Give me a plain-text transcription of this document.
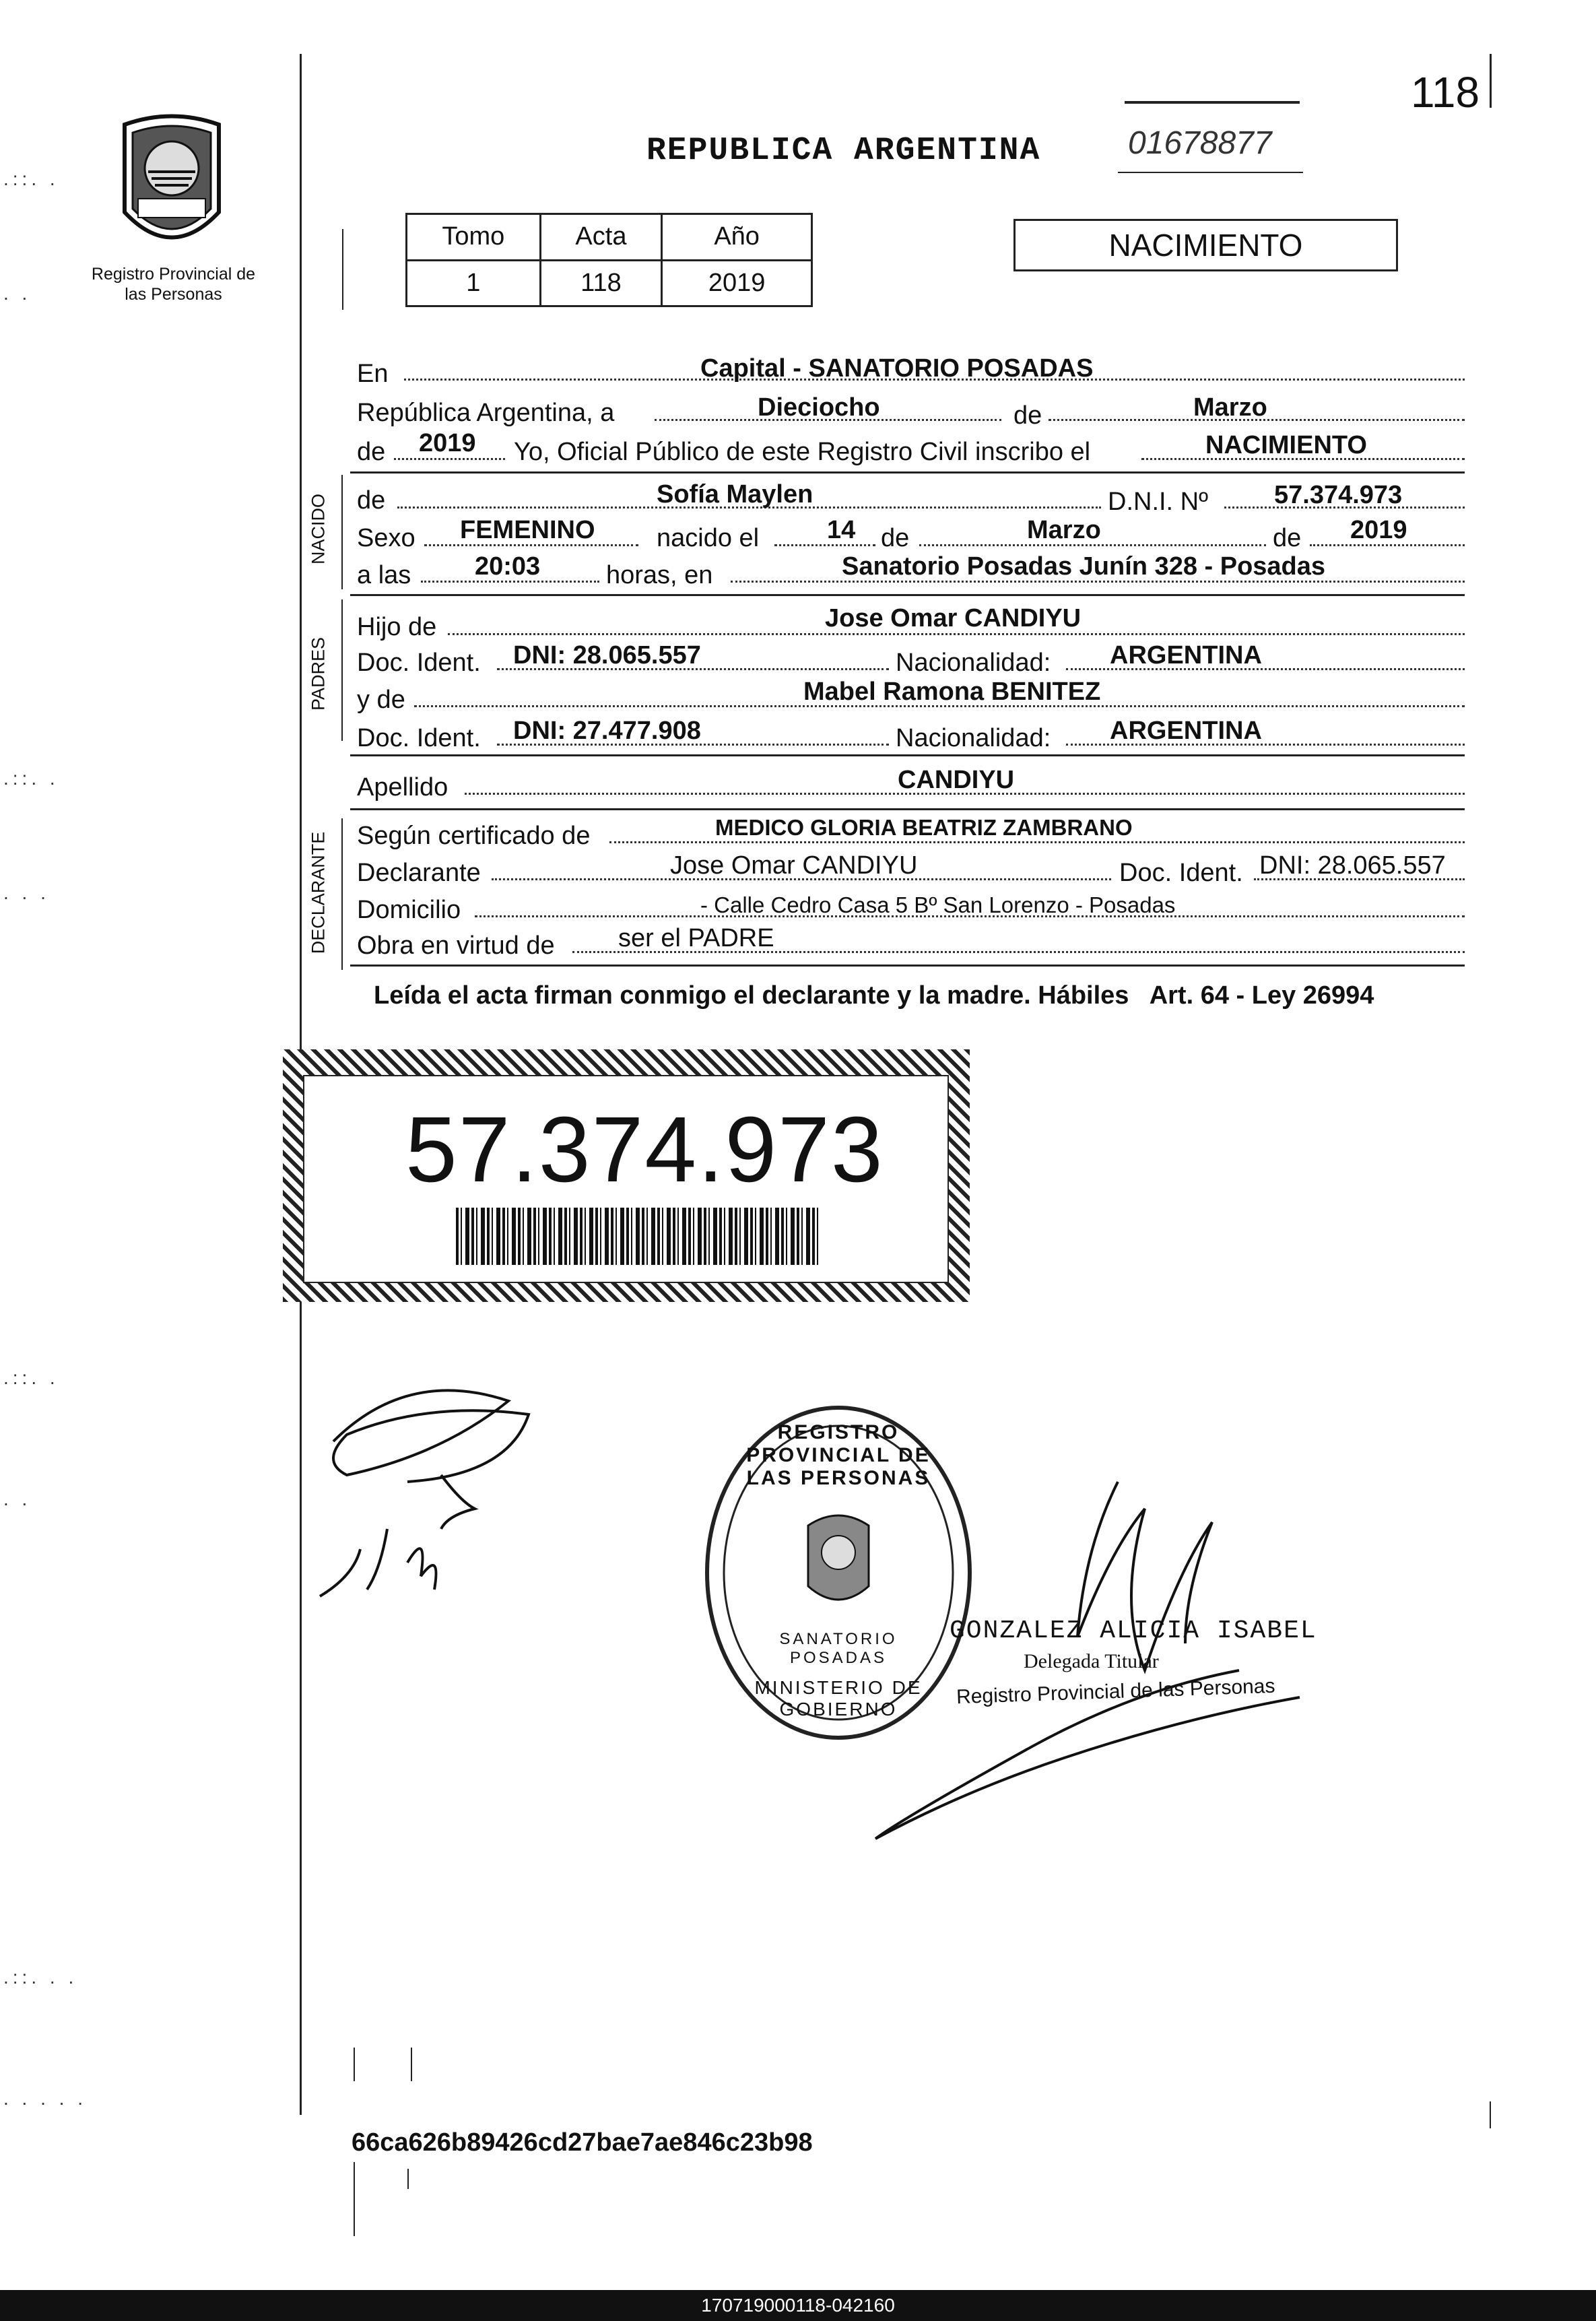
118
.::. .
. .
.::. .
. . .
.::. .
. .
.::. . .
. . . . .
Registro Provincial de las Personas
REPUBLICA ARGENTINA	01678877
Tomo	Acta	Año
1	118	2019
NACIMIENTO
En	Capital - SANATORIO POSADAS
República Argentina, a	Dieciocho	de	Marzo
de 2019 Yo, Oficial Público de este Registro Civil inscribo el	NACIMIENTO
NACIDO de	Sofía Maylen	D.N.I. Nº	57.374.973
Sexo FEMENINO nacido el	14 de	Marzo	de 2019
a las 20:03	horas, en	Sanatorio Posadas Junín 328 - Posadas
PADRES
Hijo de	Jose Omar CANDIYU
Doc. Ident. DNI: 28.065.557	Nacionalidad: ARGENTINA
y de	Mabel Ramona BENITEZ
Doc. Ident. DNI: 27.477.908	Nacionalidad: ARGENTINA
Apellido	CANDIYU
DECLARANTE Según certificado de	MEDICO GLORIA BEATRIZ ZAMBRANO
Declarante	Jose Omar CANDIYU	Doc. Ident. DNI: 28.065.557
Domicilio	- Calle Cedro Casa 5 Bº San Lorenzo - Posadas
Obra en virtud de ser el PADRE
Leída el acta firman conmigo el declarante y la madre. Hábiles   Art. 64 - Ley 26994
57.374.973
REGISTRO PROVINCIAL DE LAS PERSONAS
SANATORIO POSADAS
MINISTERIO DE GOBIERNO
GONZALEZ ALICIA ISABEL
Delegada Titular
Registro Provincial de las Personas
66ca626b89426cd27bae7ae846c23b98
170719000118-042160
